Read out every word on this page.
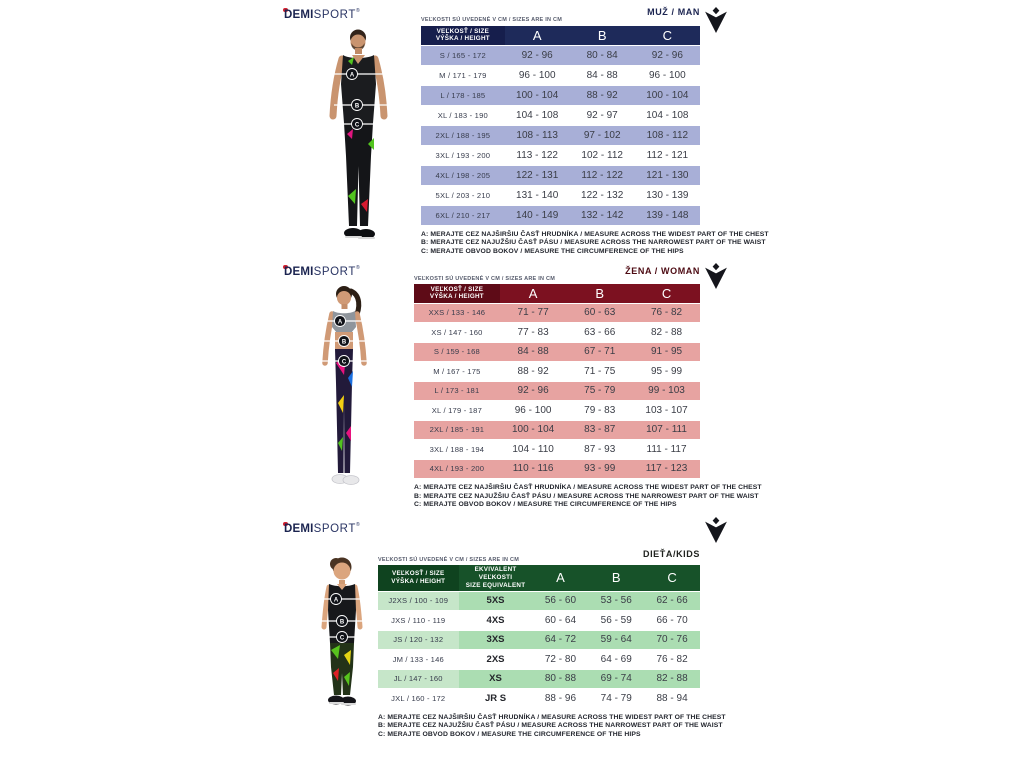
DEMISPORT®
A
B
C
VEĽKOSTI SÚ UVEDENÉ V CM / SIZES ARE IN CM
MUŽ / MAN
VEĽKOSŤ / SIZE
VÝŠKA / HEIGHT	A	B	C
S / 165 - 172	92 - 96	80 - 84	92 - 96
M / 171 - 179	96 - 100	84 - 88	96 - 100
L / 178 - 185	100 - 104	88 - 92	100 - 104
XL / 183 - 190	104 - 108	92 - 97	104 - 108
2XL / 188 - 195	108 - 113	97 - 102	108 - 112
3XL / 193 - 200	113 - 122	102 - 112	112 - 121
4XL / 198 - 205	122 - 131	112 - 122	121 - 130
5XL / 203 - 210	131 - 140	122 - 132	130 - 139
6XL / 210 - 217	140 - 149	132 - 142	139 - 148
A: MERAJTE CEZ NAJŠIRŠIU ČASŤ HRUDNÍKA / MEASURE ACROSS THE WIDEST PART OF THE CHEST
B: MERAJTE CEZ NAJUŽŠIU ČASŤ PÁSU / MEASURE ACROSS THE NARROWEST PART OF THE WAIST
C: MERAJTE OBVOD BOKOV / MEASURE THE CIRCUMFERENCE OF THE HIPS
DEMISPORT®
A
B
C
VEĽKOSTI SÚ UVEDENÉ V CM / SIZES ARE IN CM
ŽENA / WOMAN
VEĽKOSŤ / SIZE
VÝŠKA / HEIGHT	A	B	C
XXS / 133 - 146	71 - 77	60 - 63	76 - 82
XS / 147 - 160	77 - 83	63 - 66	82 - 88
S / 159 - 168	84 - 88	67 - 71	91 - 95
M / 167 - 175	88 - 92	71 - 75	95 - 99
L / 173 - 181	92 - 96	75 - 79	99 - 103
XL / 179 - 187	96 - 100	79 - 83	103 - 107
2XL / 185 - 191	100 - 104	83 - 87	107 - 111
3XL / 188 - 194	104 - 110	87 - 93	111 - 117
4XL / 193 - 200	110 - 116	93 - 99	117 - 123
A: MERAJTE CEZ NAJŠIRŠIU ČASŤ HRUDNÍKA / MEASURE ACROSS THE WIDEST PART OF THE CHEST
B: MERAJTE CEZ NAJUŽŠIU ČASŤ PÁSU / MEASURE ACROSS THE NARROWEST PART OF THE WAIST
C: MERAJTE OBVOD BOKOV / MEASURE THE CIRCUMFERENCE OF THE HIPS
DEMISPORT®
A
B
C
VEĽKOSTI SÚ UVEDENÉ V CM / SIZES ARE IN CM
DIEŤA/KIDS
VEĽKOSŤ / SIZE
VÝŠKA / HEIGHT

EKVIVALENT VEĽKOSTI
SIZE EQUIVALENT	A	B	C
J2XS / 100 - 109	5XS	56 - 60	53 - 56	62 - 66
JXS / 110 - 119	4XS	60 - 64	56 - 59	66 - 70
JS / 120 - 132	3XS	64 - 72	59 - 64	70 - 76
JM / 133 - 146	2XS	72 - 80	64 - 69	76 - 82
JL / 147 - 160	XS	80 - 88	69 - 74	82 - 88
JXL / 160 - 172	JR S	88 - 96	74 - 79	88 - 94
A: MERAJTE CEZ NAJŠIRŠIU ČASŤ HRUDNÍKA / MEASURE ACROSS THE WIDEST PART OF THE CHEST
B: MERAJTE CEZ NAJUŽŠIU ČASŤ PÁSU / MEASURE ACROSS THE NARROWEST PART OF THE WAIST
C: MERAJTE OBVOD BOKOV / MEASURE THE CIRCUMFERENCE OF THE HIPS
